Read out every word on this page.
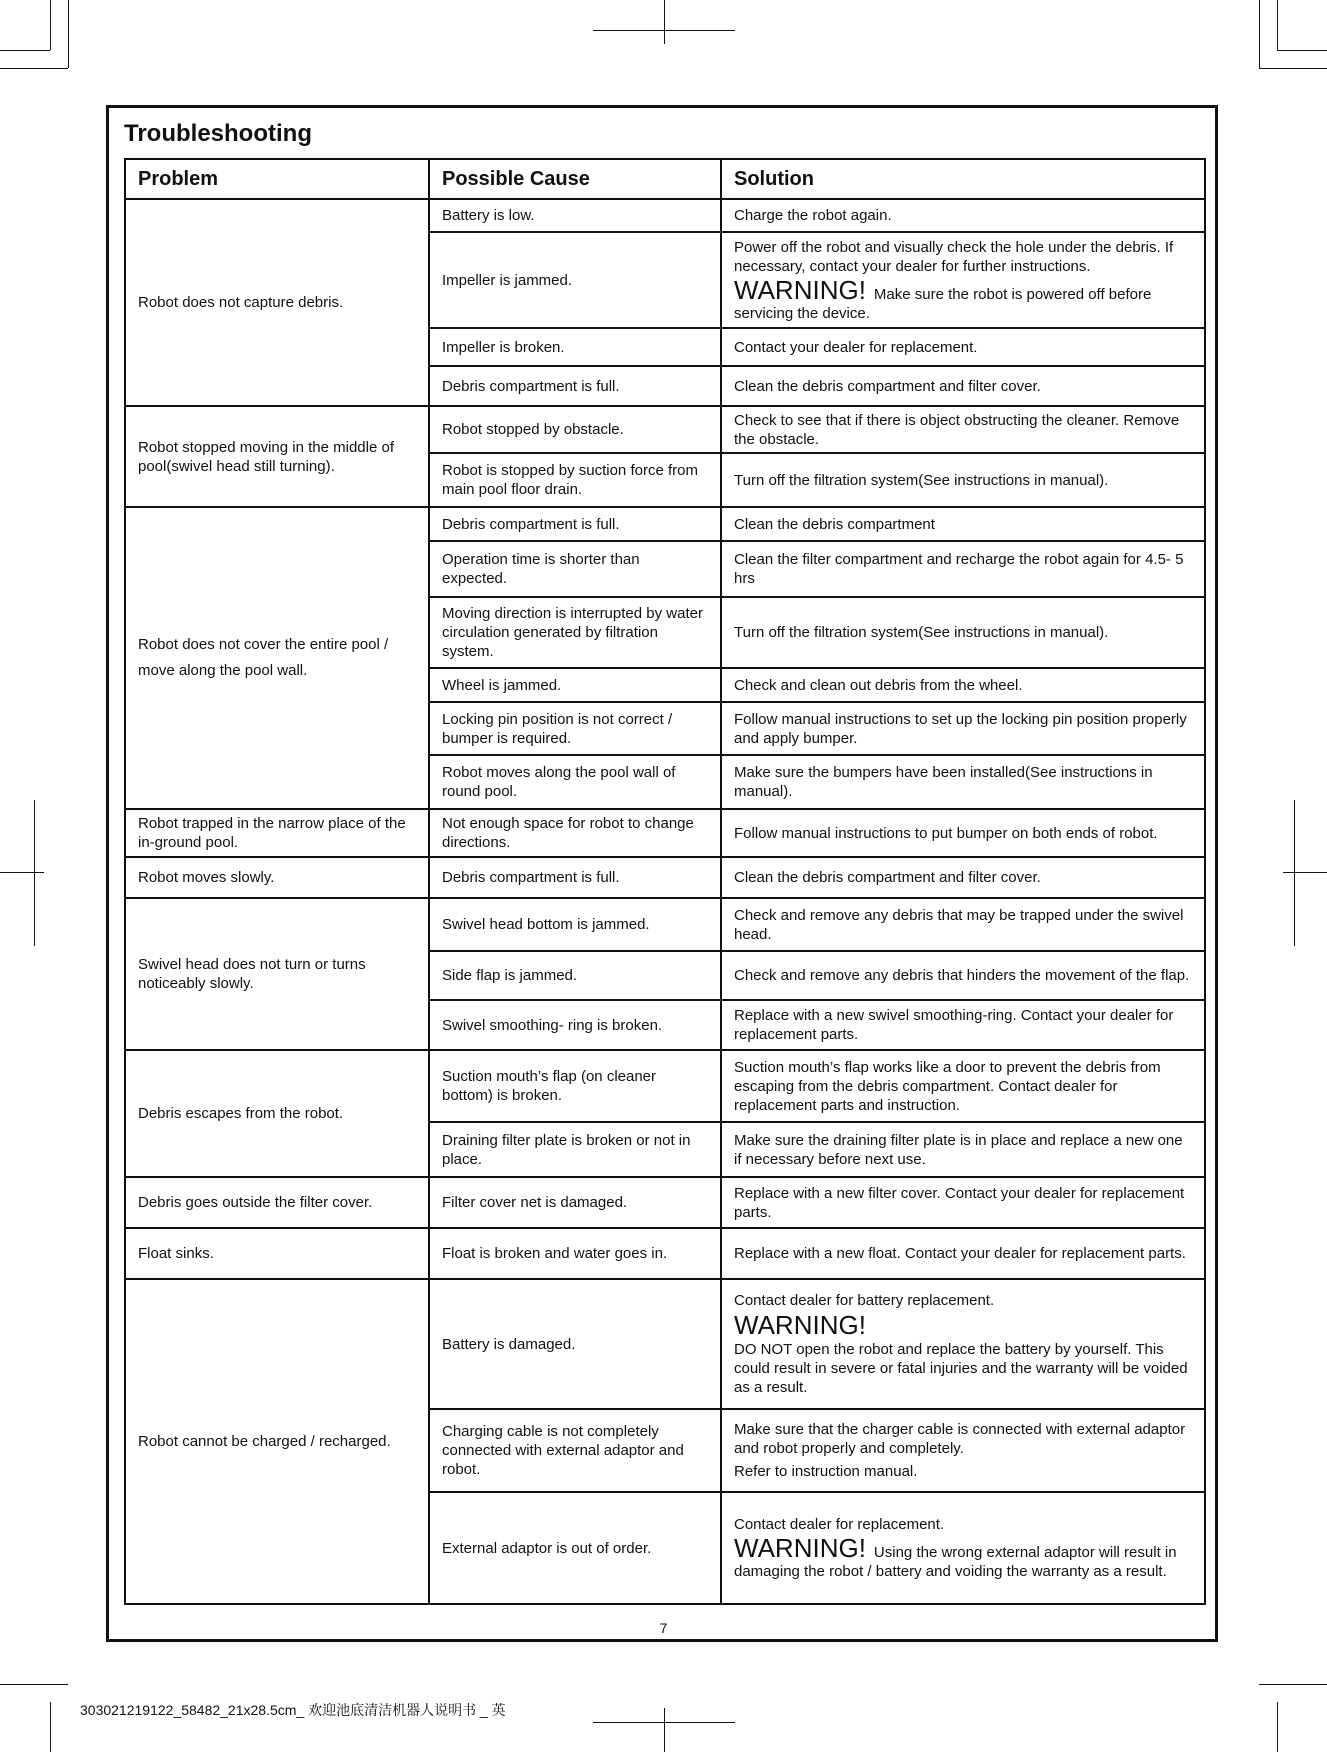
Troubleshooting
Problem	Possible Cause	Solution
Robot does not capture debris.	Battery is low.	Charge the robot again.
	Impeller is jammed.	Power off the robot and visually check the hole under the debris. If necessary, contact your dealer for further instructions.
WARNING! Make sure the robot is powered off before servicing the device.
	Impeller is broken.	Contact your dealer for replacement.
	Debris compartment is full.	Clean the debris compartment and filter cover.
Robot stopped moving in the middle of pool(swivel head still turning).	Robot stopped by obstacle.	Check to see that if there is object obstructing the cleaner. Remove the obstacle.
	Robot is stopped by suction force from main pool floor drain.	Turn off the filtration system(See instructions in manual).
Robot does not cover the entire pool / move along the pool wall.	Debris compartment is full.	Clean the debris compartment
	Operation time is shorter than expected.	Clean the filter compartment and recharge the robot again for 4.5- 5 hrs
	Moving direction is interrupted by water circulation generated by filtration system.	Turn off the filtration system(See instructions in manual).
	Wheel is jammed.	Check and clean out debris from the wheel.
	Locking pin position is not correct / bumper is required.	Follow manual instructions to set up the locking pin position properly and apply bumper.
	Robot moves along the pool wall of round pool.	Make sure the bumpers have been installed(See instructions in manual).
Robot trapped in the narrow place of the in-ground pool.	Not enough space for robot to change directions.	Follow manual instructions to put bumper on both ends of robot.
Robot moves slowly.	Debris compartment is full.	Clean the debris compartment and filter cover.
Swivel head does not turn or turns noticeably slowly.	Swivel head bottom is jammed.	Check and remove any debris that may be trapped under the swivel head.
	Side flap is jammed.	Check and remove any debris that hinders the movement of the flap.
	Swivel smoothing- ring is broken.	Replace with a new swivel smoothing-ring. Contact your dealer for replacement parts.
Debris escapes from the robot.	Suction mouth’s flap (on cleaner bottom) is broken.	Suction mouth’s flap works like a door to prevent the debris from escaping from the debris compartment. Contact dealer for replacement parts and instruction.
	Draining filter plate is broken or not in place.	Make sure the draining filter plate is in place and replace a new one if necessary before next use.
Debris goes outside the filter cover.	Filter cover net is damaged.	Replace with a new filter cover. Contact your dealer for replacement parts.
Float sinks.	Float is broken and water goes in.	Replace with a new float. Contact your dealer for replacement parts.
Robot cannot be charged / recharged.	Battery is damaged.	Contact dealer for battery replacement.
WARNING!
DO NOT open the robot and replace the battery by yourself. This could result in severe or fatal injuries and the warranty will be voided as a result.

	Charging cable is not completely connected with external adaptor and robot.	Make sure that the charger cable is connected with external adaptor and robot properly and completely.
Refer to instruction manual.

	External adaptor is out of order.	Contact dealer for replacement.
WARNING! Using the wrong external adaptor will result in damaging the robot / battery and voiding the warranty as a result.
7
303021219122_58482_21x28.5cm_ 欢迎池底清洁机器人说明书 _ 英
